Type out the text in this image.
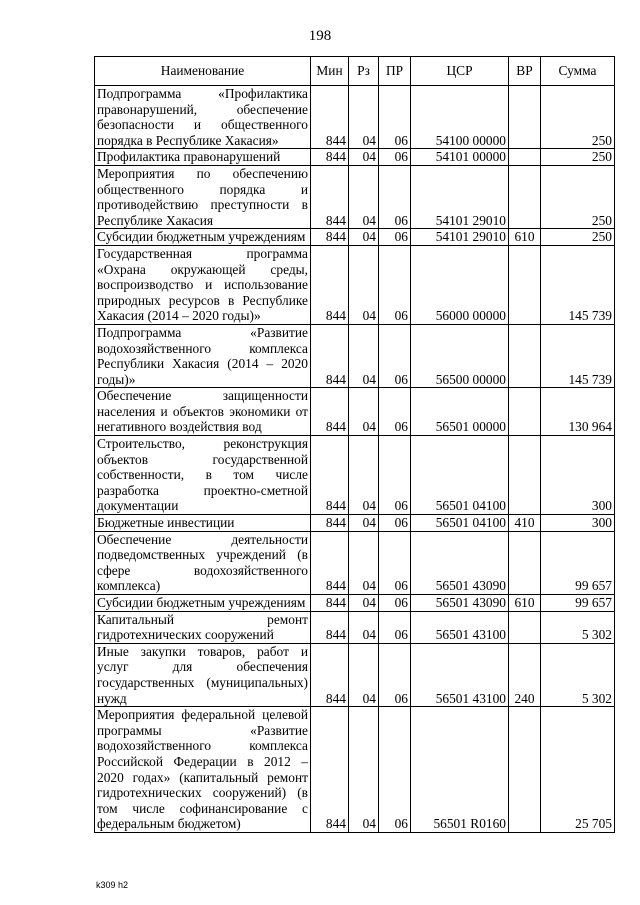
198
Наименование	Мин	Рз	ПР	ЦСР	ВР	Сумма
Подпрограмма «Профилактика правонарушений, обеспечение безопасности и общественного порядка в Республике Хакасия»	844	04	06	54100 00000		250
Профилактика правонарушений	844	04	06	54101 00000		250
Мероприятия по обеспечению общественного порядка и противодействию преступности в Республике Хакасия	844	04	06	54101 29010		250
Субсидии бюджетным учреждениям	844	04	06	54101 29010	610	250
Государственная программа «Охрана окружающей среды, воспроизводство и использование природных ресурсов в Республике Хакасия (2014 – 2020 годы)»	844	04	06	56000 00000		145 739
Подпрограмма «Развитие водохозяйственного комплекса Республики Хакасия (2014 – 2020 годы)»	844	04	06	56500 00000		145 739
Обеспечение защищенности населения и объектов экономики от негативного воздействия вод	844	04	06	56501 00000		130 964
Строительство, реконструкция объектов государственной собственности, в том числе разработка проектно-сметной документации	844	04	06	56501 04100		300
Бюджетные инвестиции	844	04	06	56501 04100	410	300
Обеспечение деятельности подведомственных учреждений (в сфере водохозяйственного комплекса)	844	04	06	56501 43090		99 657
Субсидии бюджетным учреждениям	844	04	06	56501 43090	610	99 657
Капитальный ремонт гидротехнических сооружений	844	04	06	56501 43100		5 302
Иные закупки товаров, работ и услуг для обеспечения государственных (муниципальных) нужд	844	04	06	56501 43100	240	5 302
Мероприятия федеральной целевой программы «Развитие водохозяйственного комплекса Российской Федерации в 2012 – 2020 годах» (капитальный ремонт гидротехнических сооружений) (в том числе софинансирование с федеральным бюджетом)	844	04	06	56501 R0160		25 705
k309 h2
